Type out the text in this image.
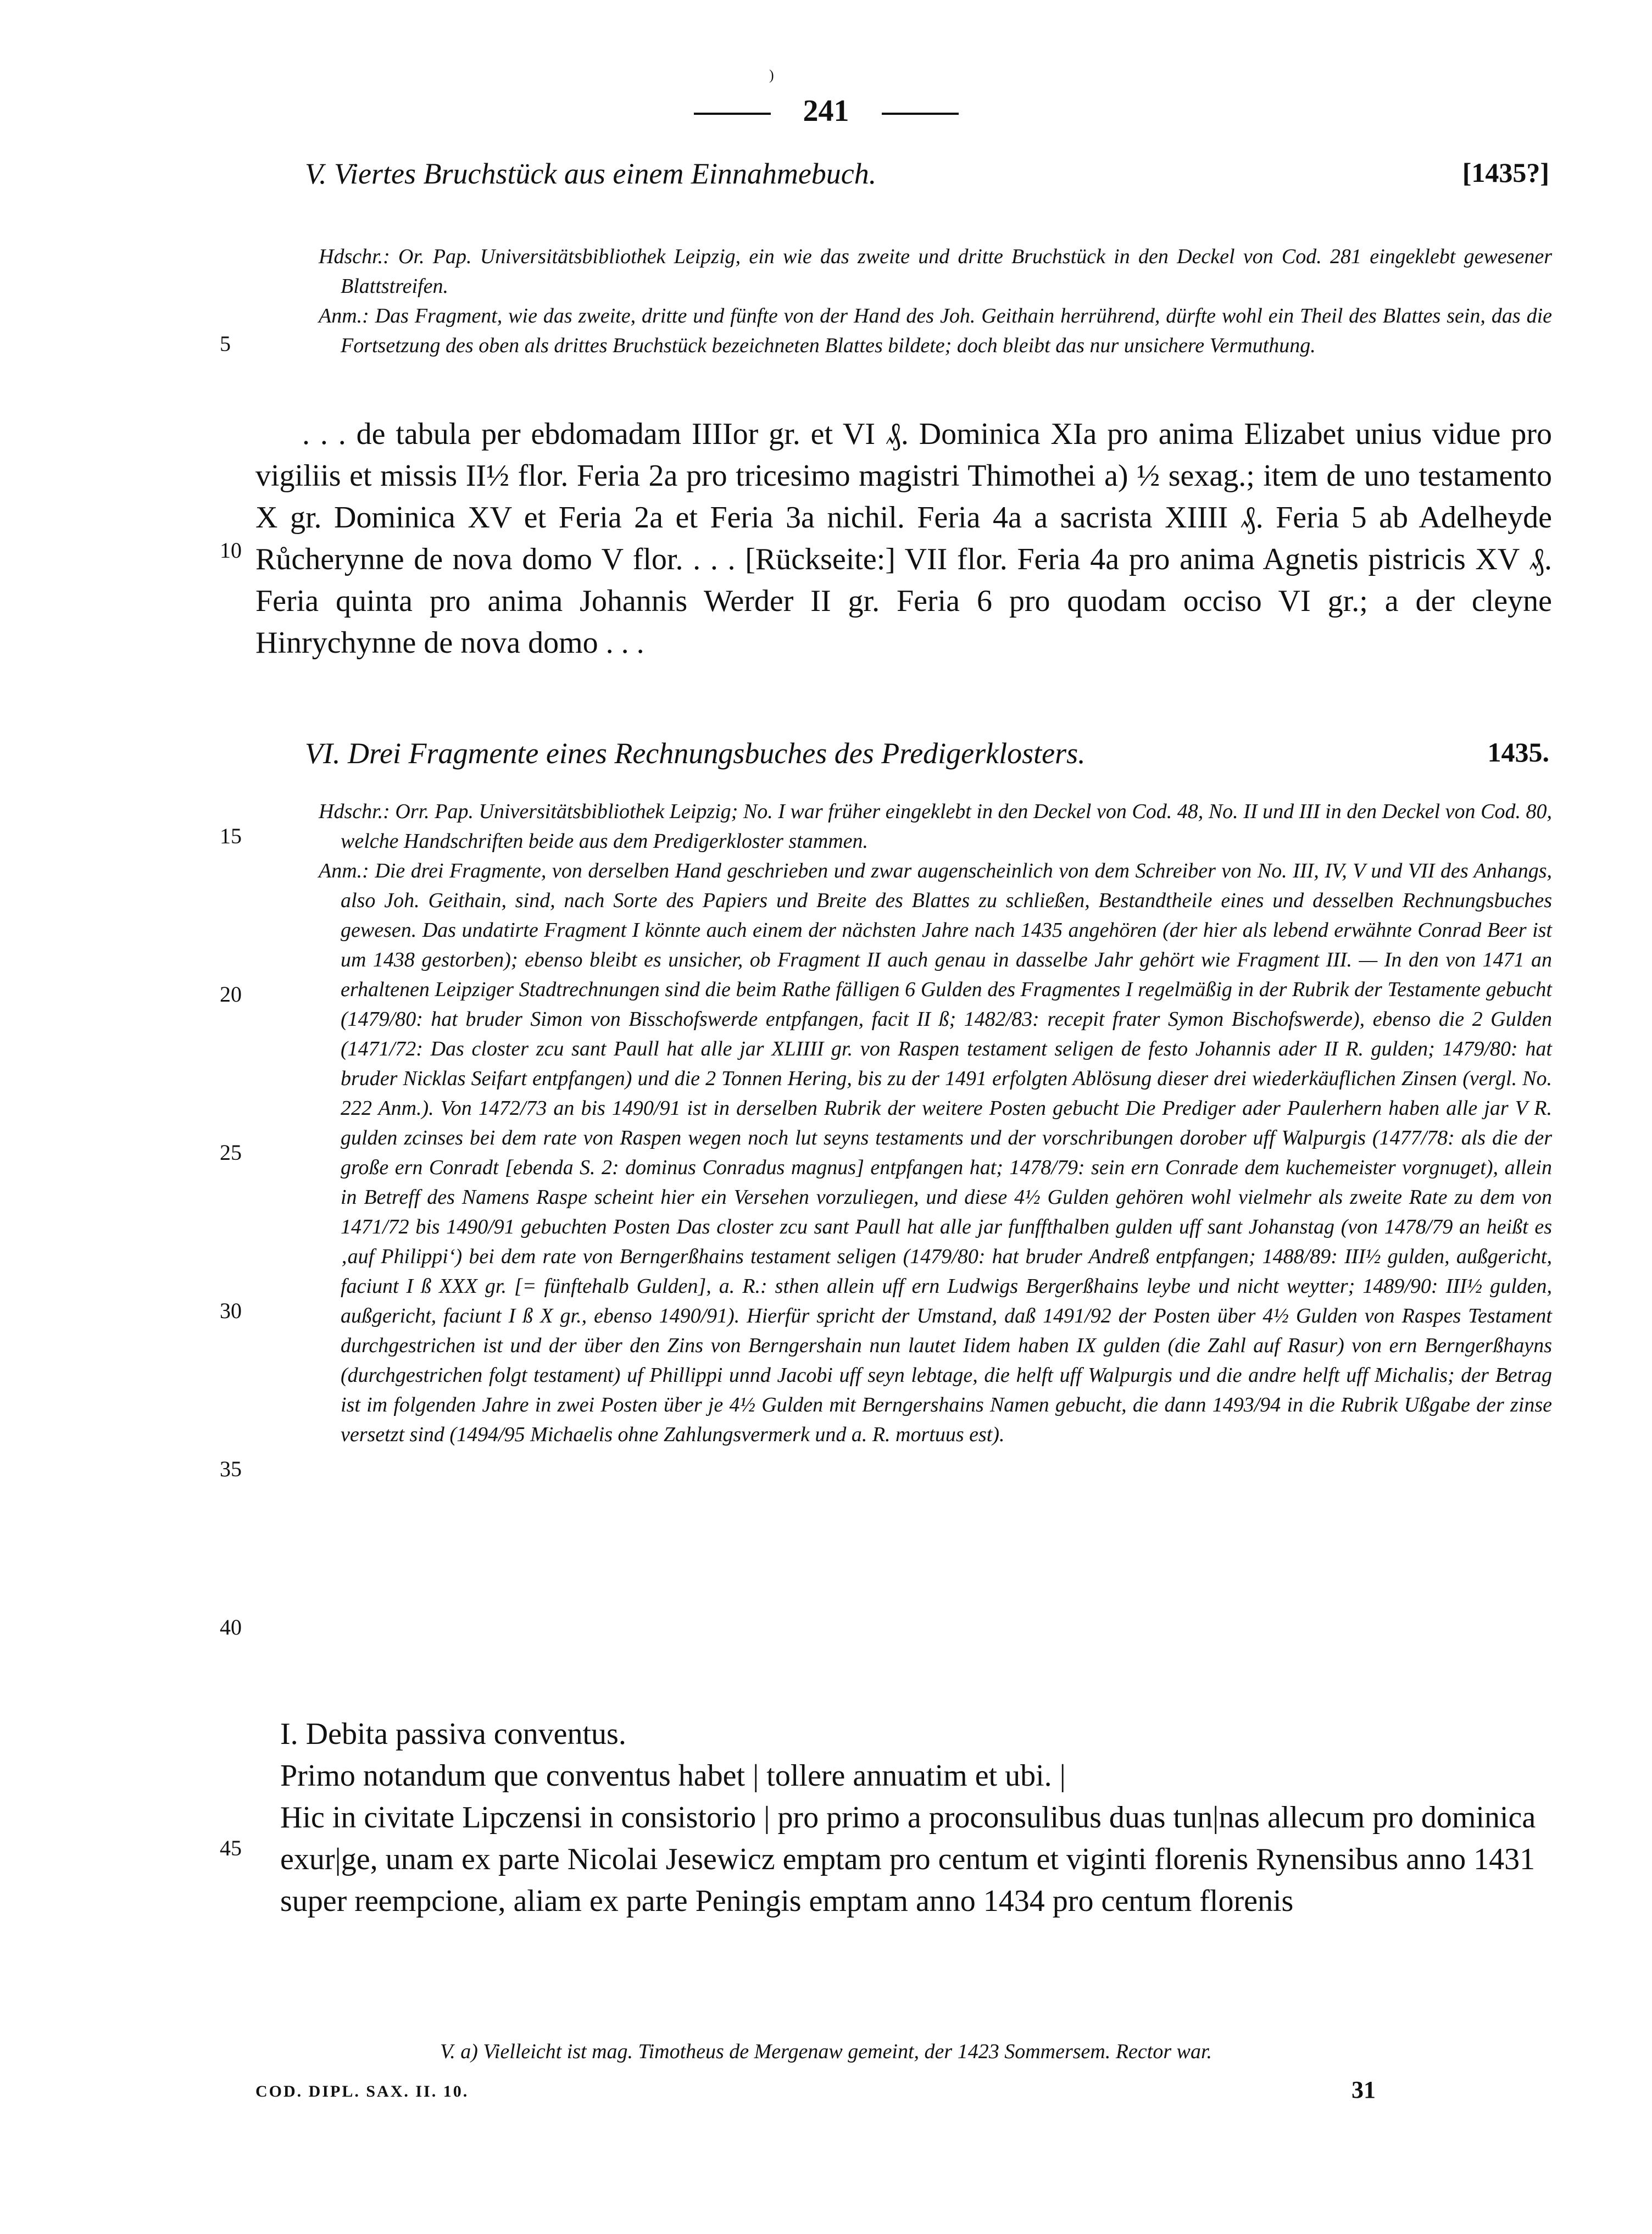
)
241
V. Viertes Bruchstück aus einem Einnahmebuch.	[1435?]

Hdschr.: Or. Pap. Universitätsbibliothek Leipzig, ein wie das zweite und dritte Bruchstück in den Deckel von Cod. 281 eingeklebt gewesener Blattstreifen.

Anm.: Das Fragment, wie das zweite, dritte und fünfte von der Hand des Joh. Geithain herrührend, dürfte wohl ein Theil des Blattes sein, das die Fortsetzung des oben als drittes Bruchstück bezeichneten Blattes bildete; doch bleibt das nur unsichere Vermuthung.

. . . de tabula per ebdomadam IIIIor gr. et VI ₰. Dominica XIa pro anima Elizabet unius vidue pro vigiliis et missis II½ flor. Feria 2a pro tricesimo magistri Thimothei a) ½ sexag.; item de uno testamento X gr. Dominica XV et Feria 2a et Feria 3a nichil. Feria 4a a sacrista XIIII ₰. Feria 5 ab Adelheyde Růcherynne de nova domo V flor. . . . [Rückseite:] VII flor. Feria 4a pro anima Agnetis pistricis XV ₰. Feria quinta pro anima Johannis Werder II gr. Feria 6 pro quodam occiso VI gr.; a der cleyne Hinrychynne de nova domo . . .

VI. Drei Fragmente eines Rechnungsbuches des Predigerklosters.	1435.

Hdschr.: Orr. Pap. Universitätsbibliothek Leipzig; No. I war früher eingeklebt in den Deckel von Cod. 48, No. II und III in den Deckel von Cod. 80, welche Handschriften beide aus dem Predigerkloster stammen.

Anm.: Die drei Fragmente, von derselben Hand geschrieben und zwar augenscheinlich von dem Schreiber von No. III, IV, V und VII des Anhangs, also Joh. Geithain, sind, nach Sorte des Papiers und Breite des Blattes zu schließen, Bestandtheile eines und desselben Rechnungsbuches gewesen. Das undatirte Fragment I könnte auch einem der nächsten Jahre nach 1435 angehören (der hier als lebend erwähnte Conrad Beer ist um 1438 gestorben); ebenso bleibt es unsicher, ob Fragment II auch genau in dasselbe Jahr gehört wie Fragment III. — In den von 1471 an erhaltenen Leipziger Stadtrechnungen sind die beim Rathe fälligen 6 Gulden des Fragmentes I regelmäßig in der Rubrik der Testamente gebucht (1479/80: hat bruder Simon von Bisschofswerde entpfangen, facit II ß; 1482/83: recepit frater Symon Bischofswerde), ebenso die 2 Gulden (1471/72: Das closter zcu sant Paull hat alle jar XLIIII gr. von Raspen testament seligen de festo Johannis ader II R. gulden; 1479/80: hat bruder Nicklas Seifart entpfangen) und die 2 Tonnen Hering, bis zu der 1491 erfolgten Ablösung dieser drei wiederkäuflichen Zinsen (vergl. No. 222 Anm.). Von 1472/73 an bis 1490/91 ist in derselben Rubrik der weitere Posten gebucht Die Prediger ader Paulerhern haben alle jar V R. gulden zcinses bei dem rate von Raspen wegen noch lut seyns testaments und der vorschribungen dorober uff Walpurgis (1477/78: als die der große ern Conradt [ebenda S. 2: dominus Conradus magnus] entpfangen hat; 1478/79: sein ern Conrade dem kuchemeister vorgnuget), allein in Betreff des Namens Raspe scheint hier ein Versehen vorzuliegen, und diese 4½ Gulden gehören wohl vielmehr als zweite Rate zu dem von 1471/72 bis 1490/91 gebuchten Posten Das closter zcu sant Paull hat alle jar funffthalben gulden uff sant Johanstag (von 1478/79 an heißt es ‚auf Philippi‘) bei dem rate von Berngerßhains testament seligen (1479/80: hat bruder Andreß entpfangen; 1488/89: III½ gulden, außgericht, faciunt I ß XXX gr. [= fünftehalb Gulden], a. R.: sthen allein uff ern Ludwigs Bergerßhains leybe und nicht weytter; 1489/90: III½ gulden, außgericht, faciunt I ß X gr., ebenso 1490/91). Hierfür spricht der Umstand, daß 1491/92 der Posten über 4½ Gulden von Raspes Testament durchgestrichen ist und der über den Zins von Berngershain nun lautet Iidem haben IX gulden (die Zahl auf Rasur) von ern Berngerßhayns (durchgestrichen folgt testament) uf Phillippi unnd Jacobi uff seyn lebtage, die helft uff Walpurgis und die andre helft uff Michalis; der Betrag ist im folgenden Jahre in zwei Posten über je 4½ Gulden mit Berngershains Namen gebucht, die dann 1493/94 in die Rubrik Ußgabe der zinse versetzt sind (1494/95 Michaelis ohne Zahlungsvermerk und a. R. mortuus est).

I. Debita passiva conventus.

Primo notandum que conventus habet | tollere annuatim et ubi. |

Hic in civitate Lipczensi in consistorio | pro primo a proconsulibus duas tun|nas allecum pro dominica exur|ge, unam ex parte Nicolai Jesewicz emptam pro centum et viginti florenis Rynensibus anno 1431 super reempcione, aliam ex parte Peningis emptam anno 1434 pro centum florenis

5
10
15
20
25
30
35
40
45
V. a) Vielleicht ist mag. Timotheus de Mergenaw gemeint, der 1423 Sommersem. Rector war.
COD. DIPL. SAX. II. 10.	31
